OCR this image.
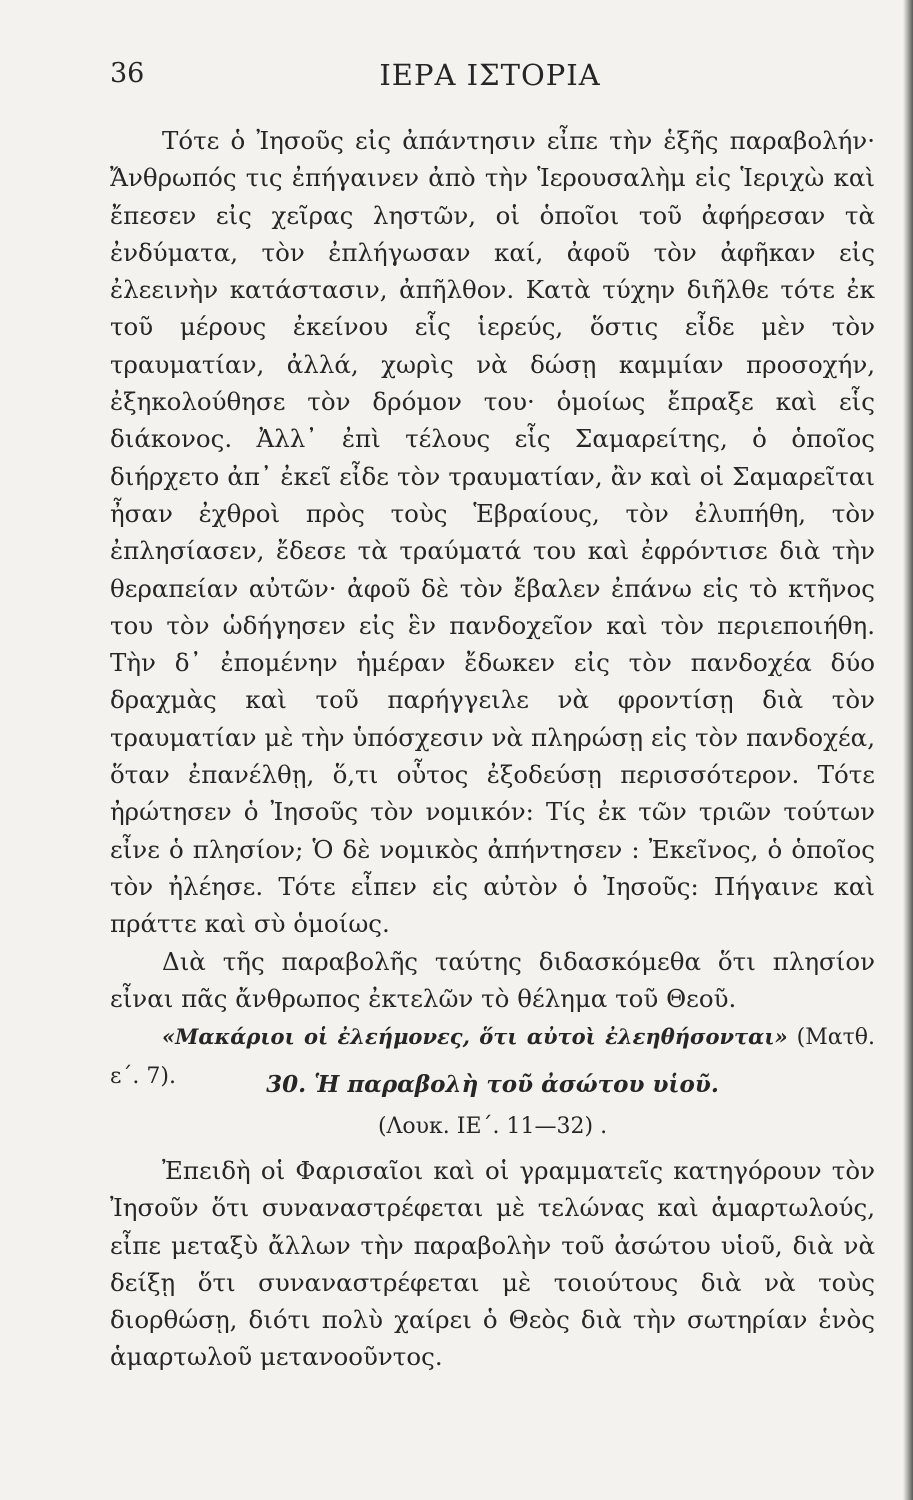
36	ΙΕΡΑ ΙΣΤΟΡΙΑ

Τότε ὁ Ἰησοῦς εἰς ἀπάντησιν εἶπε τὴν ἑξῆς παραβολήν· Ἄνθρωπός τις ἐπήγαινεν ἀπὸ τὴν Ἱερουσαλὴμ εἰς Ἱεριχὼ καὶ ἔπεσεν εἰς χεῖρας ληστῶν, οἱ ὁποῖοι τοῦ ἀφήρεσαν τὰ ἐνδύματα, τὸν ἐπλήγωσαν καί, ἀφοῦ τὸν ἀφῆκαν εἰς ἐλεεινὴν κατάστασιν, ἀπῆλθον. Κατὰ τύχην διῆλθε τότε ἐκ τοῦ μέρους ἐκείνου εἷς ἱερεύς, ὅστις εἶδε μὲν τὸν τραυματίαν, ἀλλά, χωρὶς νὰ δώσῃ καμμίαν προσοχήν, ἐξηκολούθησε τὸν δρόμον του· ὁμοίως ἔπραξε καὶ εἷς διάκονος. Ἀλλ᾽ ἐπὶ τέλους εἷς Σαμαρείτης, ὁ ὁποῖος διήρχετο ἀπ᾽ ἐκεῖ εἶδε τὸν τραυματίαν, ἂν καὶ οἱ Σαμαρεῖται ἦσαν ἐχθροὶ πρὸς τοὺς Ἑβραίους, τὸν ἐλυπήθη, τὸν ἐπλησίασεν, ἔδεσε τὰ τραύματά του καὶ ἐφρόντισε διὰ τὴν θεραπείαν αὐτῶν· ἀφοῦ δὲ τὸν ἔβαλεν ἐπάνω εἰς τὸ κτῆνος του τὸν ὡδήγησεν εἰς ἓν πανδοχεῖον καὶ τὸν περιεποιήθη. Τὴν δ᾽ ἐπομένην ἡμέραν ἔδωκεν εἰς τὸν πανδοχέα δύο δραχμὰς καὶ τοῦ παρήγγειλε νὰ φροντίσῃ διὰ τὸν τραυματίαν μὲ τὴν ὑπόσχεσιν νὰ πληρώσῃ εἰς τὸν πανδοχέα, ὅταν ἐπανέλθῃ, ὅ,τι οὗτος ἐξοδεύσῃ περισσότερον. Τότε ἠρώτησεν ὁ Ἰησοῦς τὸν νομικόν: Τίς ἐκ τῶν τριῶν τούτων εἶνε ὁ πλησίον; Ὁ δὲ νομικὸς ἀπήντησεν : Ἐκεῖνος, ὁ ὁποῖος τὸν ἠλέησε. Τότε εἶπεν εἰς αὐτὸν ὁ Ἰησοῦς: Πήγαινε καὶ πράττε καὶ σὺ ὁμοίως.

Διὰ τῆς παραβολῆς ταύτης διδασκόμεθα ὅτι πλησίον εἶναι πᾶς ἄνθρωπος ἐκτελῶν τὸ θέλημα τοῦ Θεοῦ.

«Μακάριοι οἱ ἐλεήμονες, ὅτι αὐτοὶ ἐλεηθήσονται» (Ματθ. ε΄. 7).	30. Ἡ παραβολὴ τοῦ ἀσώτου υἱοῦ.
(Λουκ. ΙΕ΄. 11—32) .

Ἐπειδὴ οἱ Φαρισαῖοι καὶ οἱ γραμματεῖς κατηγόρουν τὸν Ἰησοῦν ὅτι συναναστρέφεται μὲ τελώνας καὶ ἁμαρτωλούς, εἶπε μεταξὺ ἄλλων τὴν παραβολὴν τοῦ ἀσώτου υἱοῦ, διὰ νὰ δείξῃ ὅτι συναναστρέφεται μὲ τοιούτους διὰ νὰ τοὺς διορθώσῃ, διότι πολὺ χαίρει ὁ Θεὸς διὰ τὴν σωτηρίαν ἑνὸς ἁμαρτωλοῦ μετανοοῦντος.
